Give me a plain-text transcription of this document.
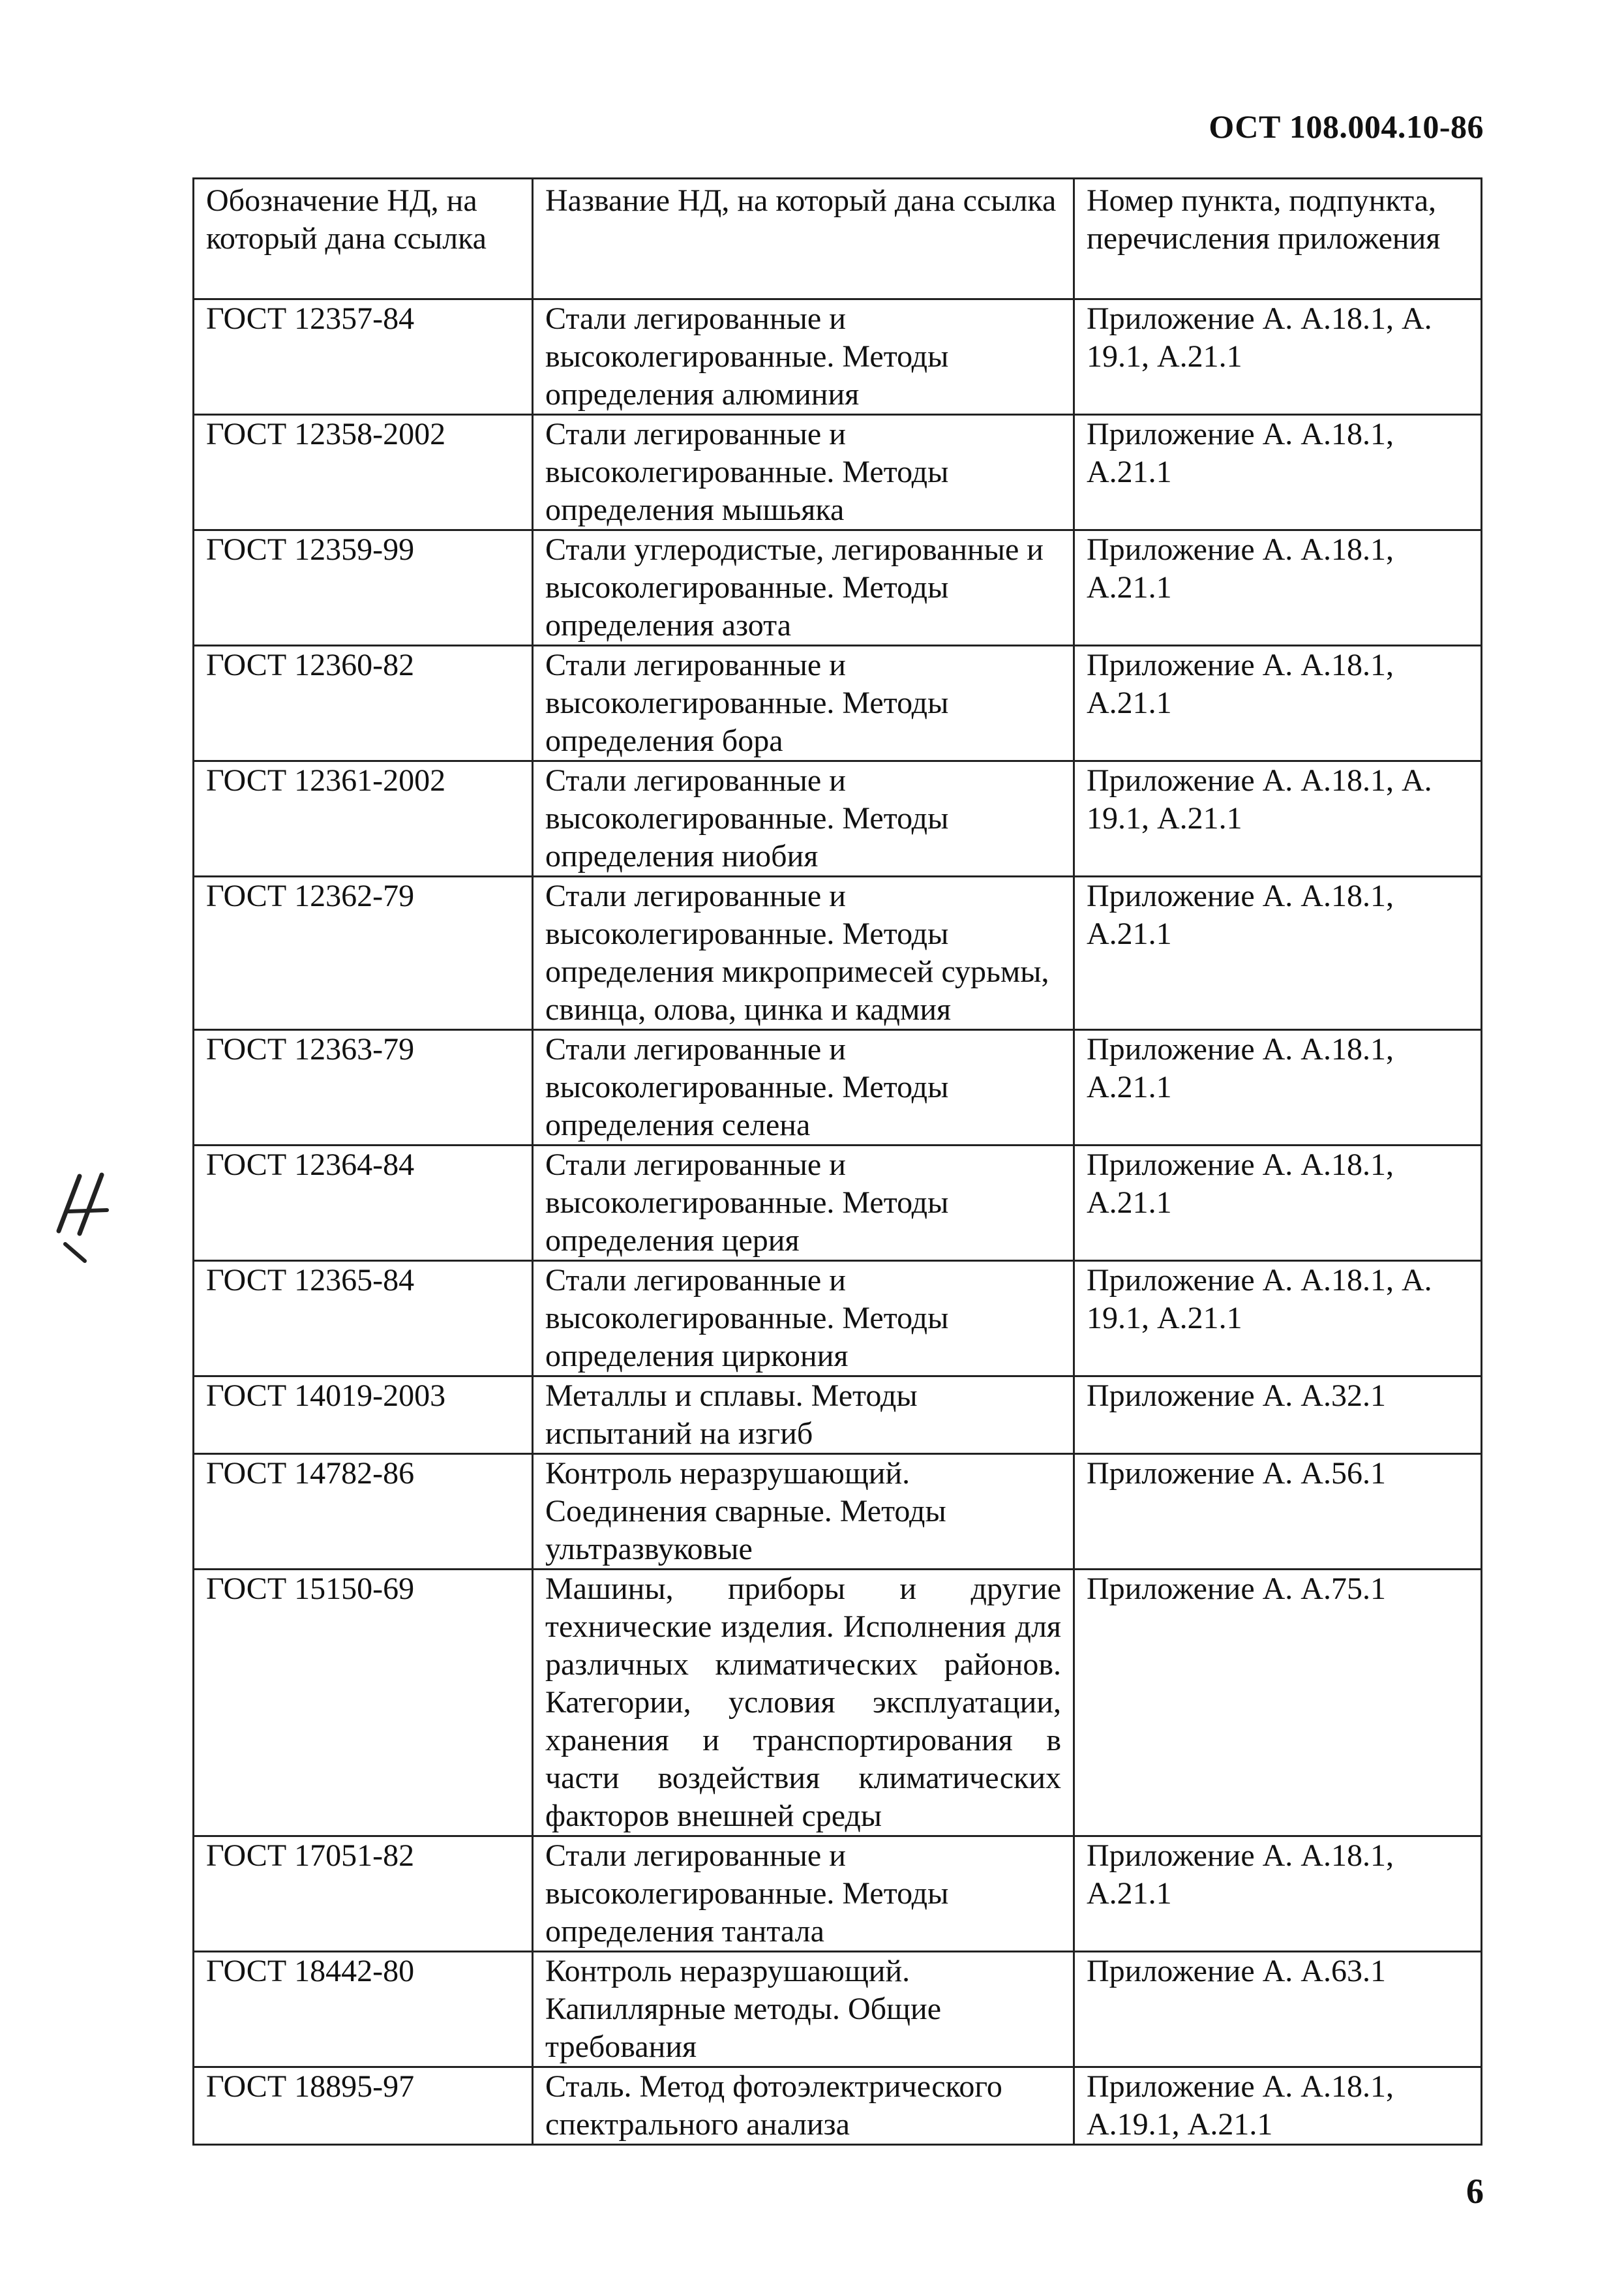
ОСТ 108.004.10-86
Обозначение НД, на который дана ссылка	Название НД, на который дана ссылка	Номер пункта, подпункта, перечисления приложения
ГОСТ 12357-84	Стали легированные и высоколегированные. Методы определения алюминия	Приложение А. А.18.1, А. 19.1, А.21.1
ГОСТ 12358-2002	Стали легированные и высоколегированные. Методы определения мышьяка	Приложение А. А.18.1, А.21.1
ГОСТ 12359-99	Стали углеродистые, легированные и высоколегированные. Методы определения азота	Приложение А. А.18.1, А.21.1
ГОСТ 12360-82	Стали легированные и высоколегированные. Методы определения бора	Приложение А. А.18.1, А.21.1
ГОСТ 12361-2002	Стали легированные и высоколегированные. Методы определения ниобия	Приложение А. А.18.1, А. 19.1, А.21.1
ГОСТ 12362-79	Стали легированные и высоколегированные. Методы определения микропримесей сурьмы, свинца, олова, цинка и кадмия	Приложение А. А.18.1, А.21.1
ГОСТ 12363-79	Стали легированные и высоколегированные. Методы определения селена	Приложение А. А.18.1, А.21.1
ГОСТ 12364-84	Стали легированные и высоколегированные. Методы определения церия	Приложение А. А.18.1, А.21.1
ГОСТ 12365-84	Стали легированные и высоколегированные. Методы определения циркония	Приложение А. А.18.1, А. 19.1, А.21.1
ГОСТ 14019-2003	Металлы и сплавы. Методы испытаний на изгиб	Приложение А. А.32.1
ГОСТ 14782-86	Контроль неразрушающий. Соединения сварные. Методы ультразвуковые	Приложение А. А.56.1
ГОСТ 15150-69	Машины, приборы и другие технические изделия. Исполнения для различных климатических районов. Категории, условия эксплуатации, хранения и транспортирования в части воздействия климатических факторов внешней среды	Приложение А. А.75.1
ГОСТ 17051-82	Стали легированные и высоколегированные. Методы определения тантала	Приложение А. А.18.1, А.21.1
ГОСТ 18442-80	Контроль неразрушающий. Капиллярные методы. Общие требования	Приложение А. А.63.1
ГОСТ 18895-97	Сталь. Метод фотоэлектрического спектрального анализа	Приложение А. А.18.1, А.19.1, А.21.1
6
